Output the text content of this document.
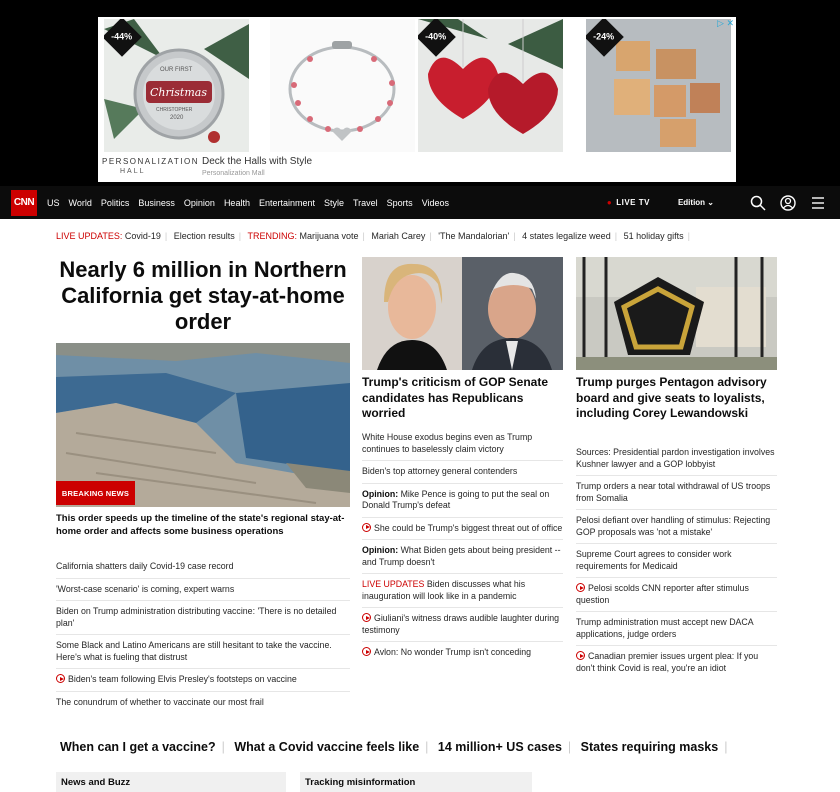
-44%
OUR FIRST
Christmas
CHRISTOPHER
2020
-40%	-24%
▷ ✕
PERSONALIZATION
HALL
Deck the Halls with Style
Personalization Mall
CNN	US World Politics Business Opinion Health Entertainment Style Travel Sports Videos	● LIVE TV	Edition ⌄
LIVE UPDATES: Covid-19 | Election results | TRENDING: Marijuana vote | Mariah Carey | 'The Mandalorian' | 4 states legalize weed | 51 holiday gifts |
Nearly 6 million in Northern California get stay-at-home order
BREAKING NEWS
This order speeds up the timeline of the state's regional stay-at-home order and affects some business operations
California shatters daily Covid-19 case record
'Worst-case scenario' is coming, expert warns
Biden on Trump administration distributing vaccine: 'There is no detailed plan'
Some Black and Latino Americans are still hesitant to take the vaccine. Here's what is fueling that distrust
Biden's team following Elvis Presley's footsteps on vaccine
The conundrum of whether to vaccinate our most frail
Trump's criticism of GOP Senate candidates has Republicans worried
White House exodus begins even as Trump continues to baselessly claim victory
Biden's top attorney general contenders
Opinion: Mike Pence is going to put the seal on Donald Trump's defeat
She could be Trump's biggest threat out of office
Opinion: What Biden gets about being president -- and Trump doesn't
LIVE UPDATES Biden discusses what his inauguration will look like in a pandemic
Giuliani's witness draws audible laughter during testimony
Avlon: No wonder Trump isn't conceding
Trump purges Pentagon advisory board and give seats to loyalists, including Corey Lewandowski
Sources: Presidential pardon investigation involves Kushner lawyer and a GOP lobbyist
Trump orders a near total withdrawal of US troops from Somalia
Pelosi defiant over handling of stimulus: Rejecting GOP proposals was 'not a mistake'
Supreme Court agrees to consider work requirements for Medicaid
Pelosi scolds CNN reporter after stimulus question
Trump administration must accept new DACA applications, judge orders
Canadian premier issues urgent plea: If you don't think Covid is real, you're an idiot
When can I get a vaccine? | What a Covid vaccine feels like | 14 million+ US cases | States requiring masks |
News and Buzz	Tracking misinformation
